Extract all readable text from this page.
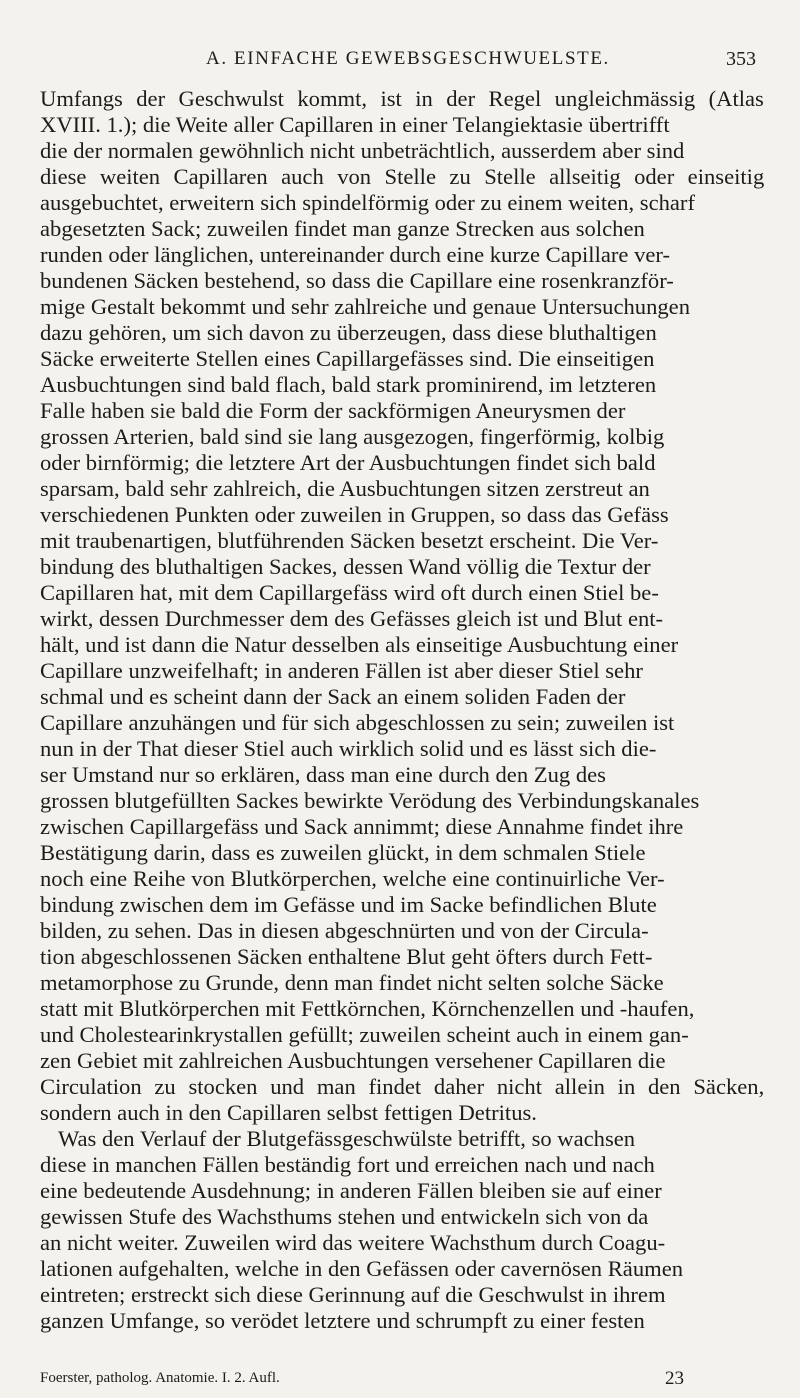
A. EINFACHE GEWEBSGESCHWUELSTE.	353
Umfangs der Geschwulst kommt, ist in der Regel ungleichmässig (Atlas
XVIII. 1.); die Weite aller Capillaren in einer Telangiektasie übertrifft
die der normalen gewöhnlich nicht unbeträchtlich, ausserdem aber sind
diese weiten Capillaren auch von Stelle zu Stelle allseitig oder einseitig
ausgebuchtet, erweitern sich spindelförmig oder zu einem weiten, scharf
abgesetzten Sack; zuweilen findet man ganze Strecken aus solchen
runden oder länglichen, untereinander durch eine kurze Capillare ver-
bundenen Säcken bestehend, so dass die Capillare eine rosenkranzför-
mige Gestalt bekommt und sehr zahlreiche und genaue Untersuchungen
dazu gehören, um sich davon zu überzeugen, dass diese bluthaltigen
Säcke erweiterte Stellen eines Capillargefässes sind. Die einseitigen
Ausbuchtungen sind bald flach, bald stark prominirend, im letzteren
Falle haben sie bald die Form der sackförmigen Aneurysmen der
grossen Arterien, bald sind sie lang ausgezogen, fingerförmig, kolbig
oder birnförmig; die letztere Art der Ausbuchtungen findet sich bald
sparsam, bald sehr zahlreich, die Ausbuchtungen sitzen zerstreut an
verschiedenen Punkten oder zuweilen in Gruppen, so dass das Gefäss
mit traubenartigen, blutführenden Säcken besetzt erscheint. Die Ver-
bindung des bluthaltigen Sackes, dessen Wand völlig die Textur der
Capillaren hat, mit dem Capillargefäss wird oft durch einen Stiel be-
wirkt, dessen Durchmesser dem des Gefässes gleich ist und Blut ent-
hält, und ist dann die Natur desselben als einseitige Ausbuchtung einer
Capillare unzweifelhaft; in anderen Fällen ist aber dieser Stiel sehr
schmal und es scheint dann der Sack an einem soliden Faden der
Capillare anzuhängen und für sich abgeschlossen zu sein; zuweilen ist
nun in der That dieser Stiel auch wirklich solid und es lässt sich die-
ser Umstand nur so erklären, dass man eine durch den Zug des
grossen blutgefüllten Sackes bewirkte Verödung des Verbindungskanales
zwischen Capillargefäss und Sack annimmt; diese Annahme findet ihre
Bestätigung darin, dass es zuweilen glückt, in dem schmalen Stiele
noch eine Reihe von Blutkörperchen, welche eine continuirliche Ver-
bindung zwischen dem im Gefässe und im Sacke befindlichen Blute
bilden, zu sehen. Das in diesen abgeschnürten und von der Circula-
tion abgeschlossenen Säcken enthaltene Blut geht öfters durch Fett-
metamorphose zu Grunde, denn man findet nicht selten solche Säcke
statt mit Blutkörperchen mit Fettkörnchen, Körnchenzellen und -haufen,
und Cholestearinkrystallen gefüllt; zuweilen scheint auch in einem gan-
zen Gebiet mit zahlreichen Ausbuchtungen versehener Capillaren die
Circulation zu stocken und man findet daher nicht allein in den Säcken,
sondern auch in den Capillaren selbst fettigen Detritus.
Was den Verlauf der Blutgefässgeschwülste betrifft, so wachsen
diese in manchen Fällen beständig fort und erreichen nach und nach
eine bedeutende Ausdehnung; in anderen Fällen bleiben sie auf einer
gewissen Stufe des Wachsthums stehen und entwickeln sich von da
an nicht weiter. Zuweilen wird das weitere Wachsthum durch Coagu-
lationen aufgehalten, welche in den Gefässen oder cavernösen Räumen
eintreten; erstreckt sich diese Gerinnung auf die Geschwulst in ihrem
ganzen Umfange, so verödet letztere und schrumpft zu einer festen
Foerster, patholog. Anatomie. I. 2. Aufl.	23
